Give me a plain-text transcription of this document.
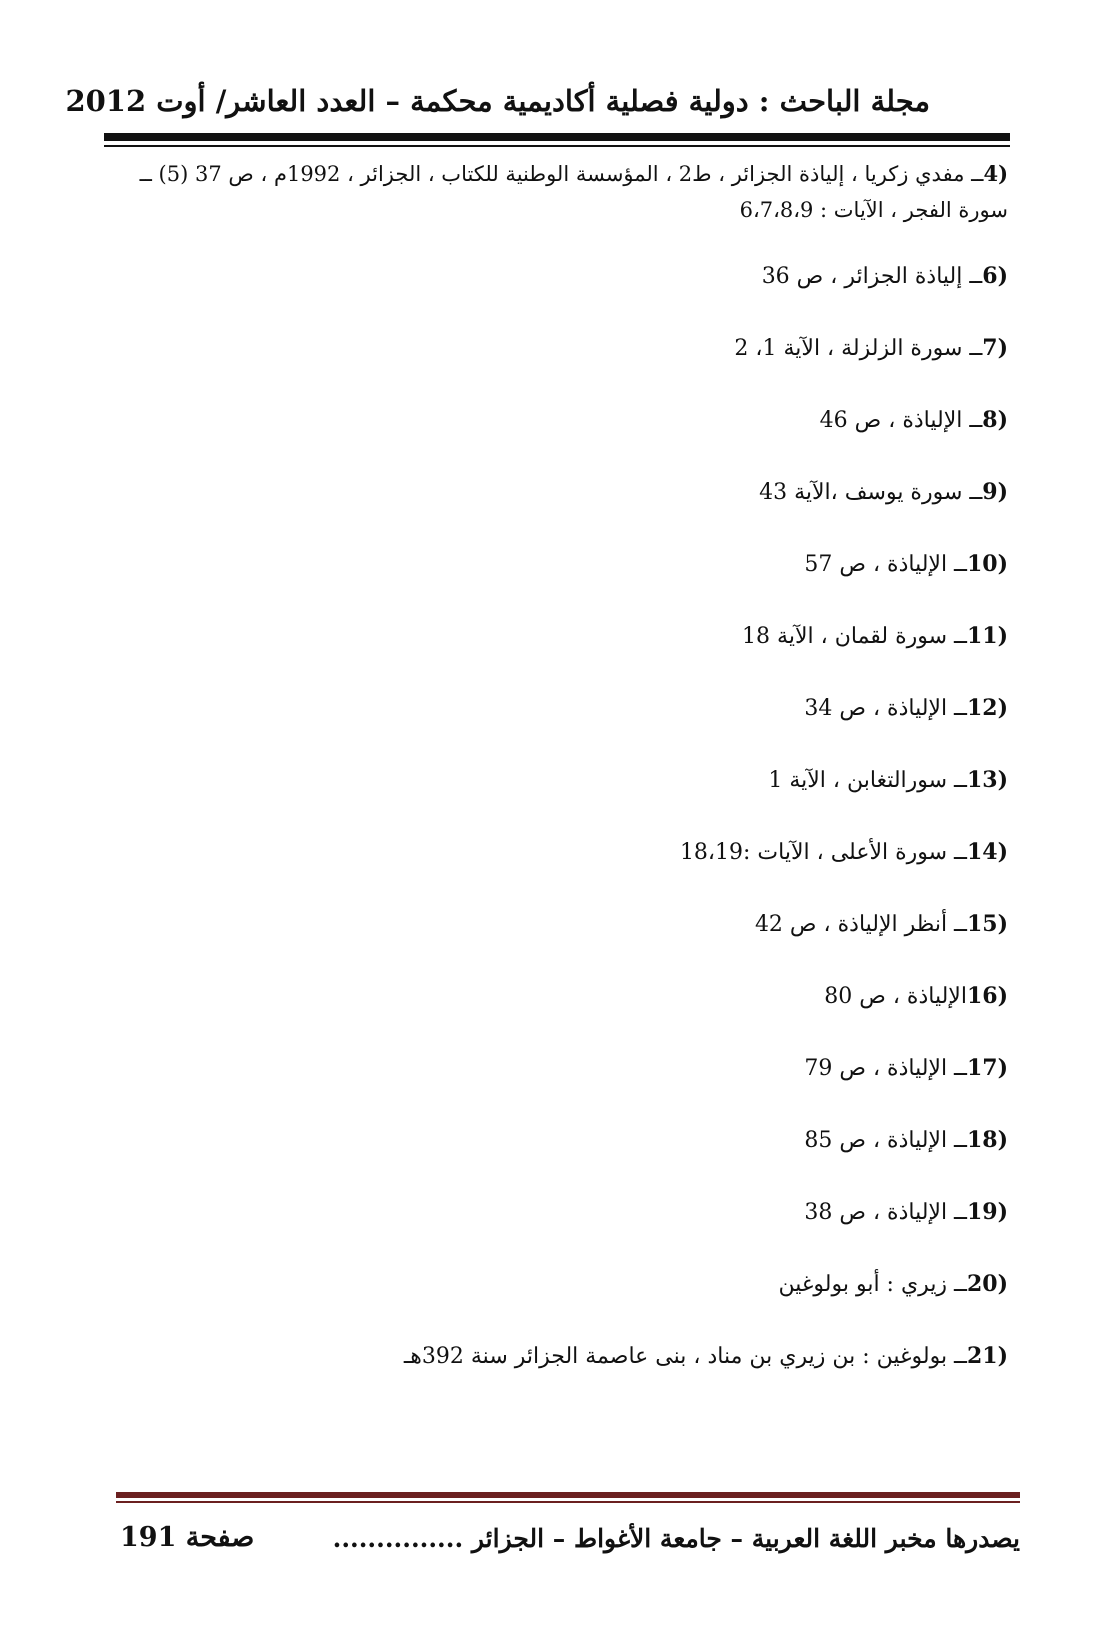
مجلة الباحث : دولية فصلية أكاديمية محكمة – العدد العاشر/ أوت 2012
(4ــ مفدي زكريا ، إلياذة الجزائر ، ط2 ، المؤسسة الوطنية للكتاب ، الجزائر ، 1992م ، ص 37 (5) ــ سورة الفجر ، الآيات : 6،7،8،9
(6ــ إلياذة الجزائر ، ص 36
(7ــ سورة الزلزلة ، الآية 1، 2
(8ــ الإلياذة ، ص 46
(9ــ سورة يوسف ،الآية 43
(10ــ الإلياذة ، ص 57
(11ــ سورة لقمان ، الآية 18
(12ــ الإلياذة ، ص 34
(13ــ سورالتغابن ، الآية 1
(14ــ سورة الأعلى ، الآيات :18،19
(15ــ أنظر الإلياذة ، ص 42
(16الإلياذة ، ص 80
(17ــ الإلياذة ، ص 79
(18ــ الإلياذة ، ص 85
(19ــ الإلياذة ، ص 38
(20ــ زيري : أبو بولوغين
(21ــ بولوغين : بن زيري بن مناد ، بنى عاصمة الجزائر سنة 392هـ
يصدرها مخبر اللغة العربية – جامعة الأغواط – الجزائر ...............
صفحة 191
